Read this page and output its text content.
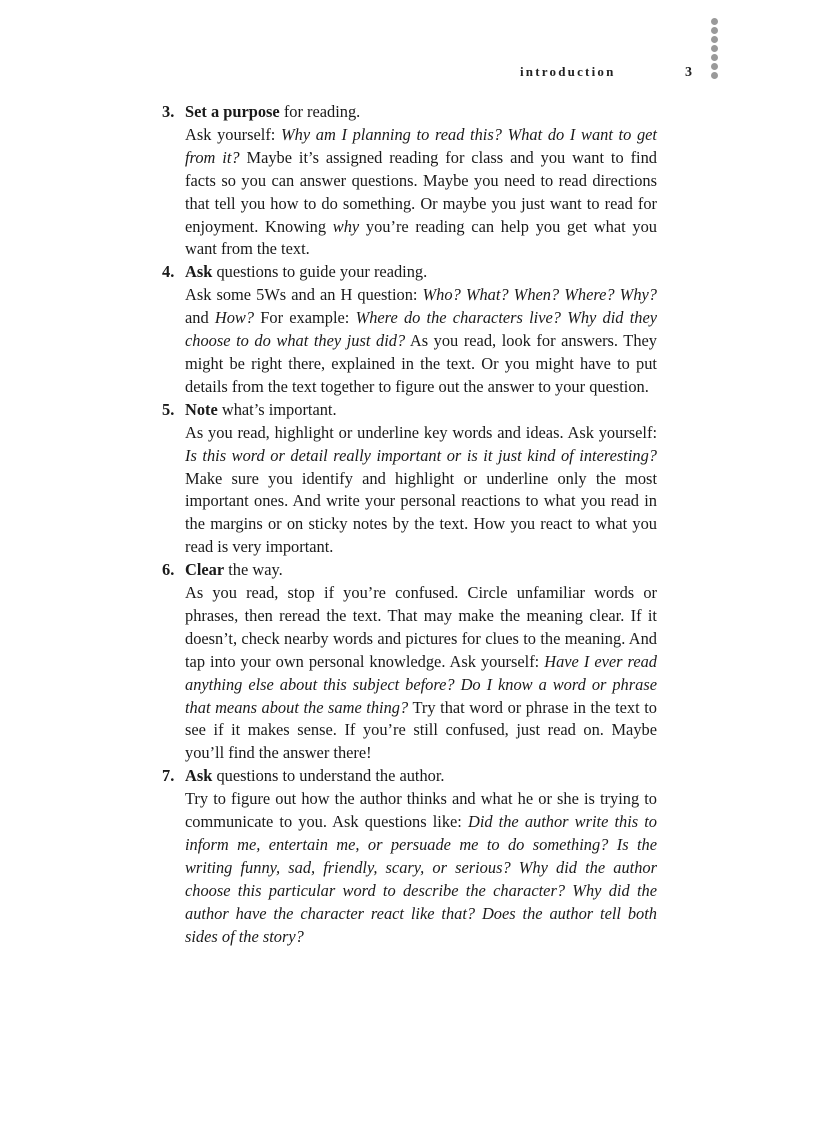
introduction	3
3. Set a purpose for reading.
Ask yourself: Why am I planning to read this? What do I want to get from it? Maybe it’s assigned reading for class and you want to find facts so you can answer questions. Maybe you need to read directions that tell you how to do something. Or maybe you just want to read for enjoyment. Knowing why you’re reading can help you get what you want from the text.
4. Ask questions to guide your reading.
Ask some 5Ws and an H question: Who? What? When? Where? Why? and How? For example: Where do the characters live? Why did they choose to do what they just did? As you read, look for answers. They might be right there, explained in the text. Or you might have to put details from the text together to figure out the answer to your question.
5. Note what’s important.
As you read, highlight or underline key words and ideas. Ask yourself: Is this word or detail really important or is it just kind of interesting? Make sure you identify and highlight or underline only the most important ones. And write your personal reactions to what you read in the margins or on sticky notes by the text. How you react to what you read is very important.
6. Clear the way.
As you read, stop if you’re confused. Circle unfamiliar words or phrases, then reread the text. That may make the meaning clear. If it doesn’t, check nearby words and pictures for clues to the meaning. And tap into your own personal knowledge. Ask yourself: Have I ever read anything else about this subject before? Do I know a word or phrase that means about the same thing? Try that word or phrase in the text to see if it makes sense. If you’re still confused, just read on. Maybe you’ll find the answer there!
7. Ask questions to understand the author.
Try to figure out how the author thinks and what he or she is trying to communicate to you. Ask questions like: Did the author write this to inform me, entertain me, or persuade me to do something? Is the writing funny, sad, friendly, scary, or serious? Why did the author choose this particular word to describe the character? Why did the author have the character react like that? Does the author tell both sides of the story?
